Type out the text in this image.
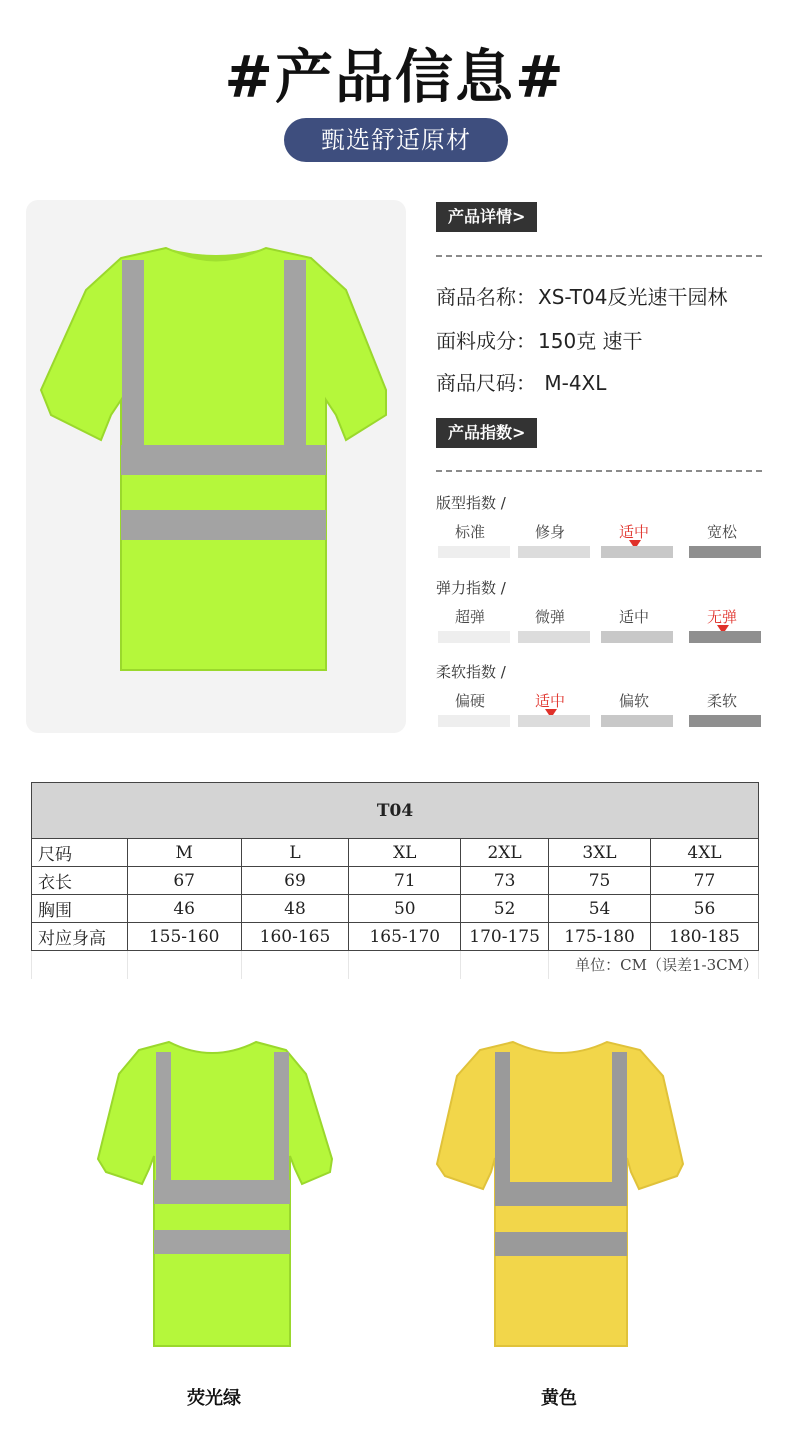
#产品信息#
甄选舒适原材
产品详情>
商品名称： XS-T04反光速干园林
面料成分： 150克 速干
商品尺码： M-4XL
产品指数>
版型指数 /
标准	修身	适中	宽松
弹力指数 /
超弹	微弹	适中	无弹
柔软指数 /
偏硬	适中	偏软	柔软
T04						
尺码	M	L	XL	2XL	3XL	4XL
衣长	67	69	71	73	75	77
胸围	46	48	50	52	54	56
对应身高	155-160	160-165	165-170	170-175	175-180	180-185
					单位：CM（误差1-3CM）	
荧光绿	黄色
